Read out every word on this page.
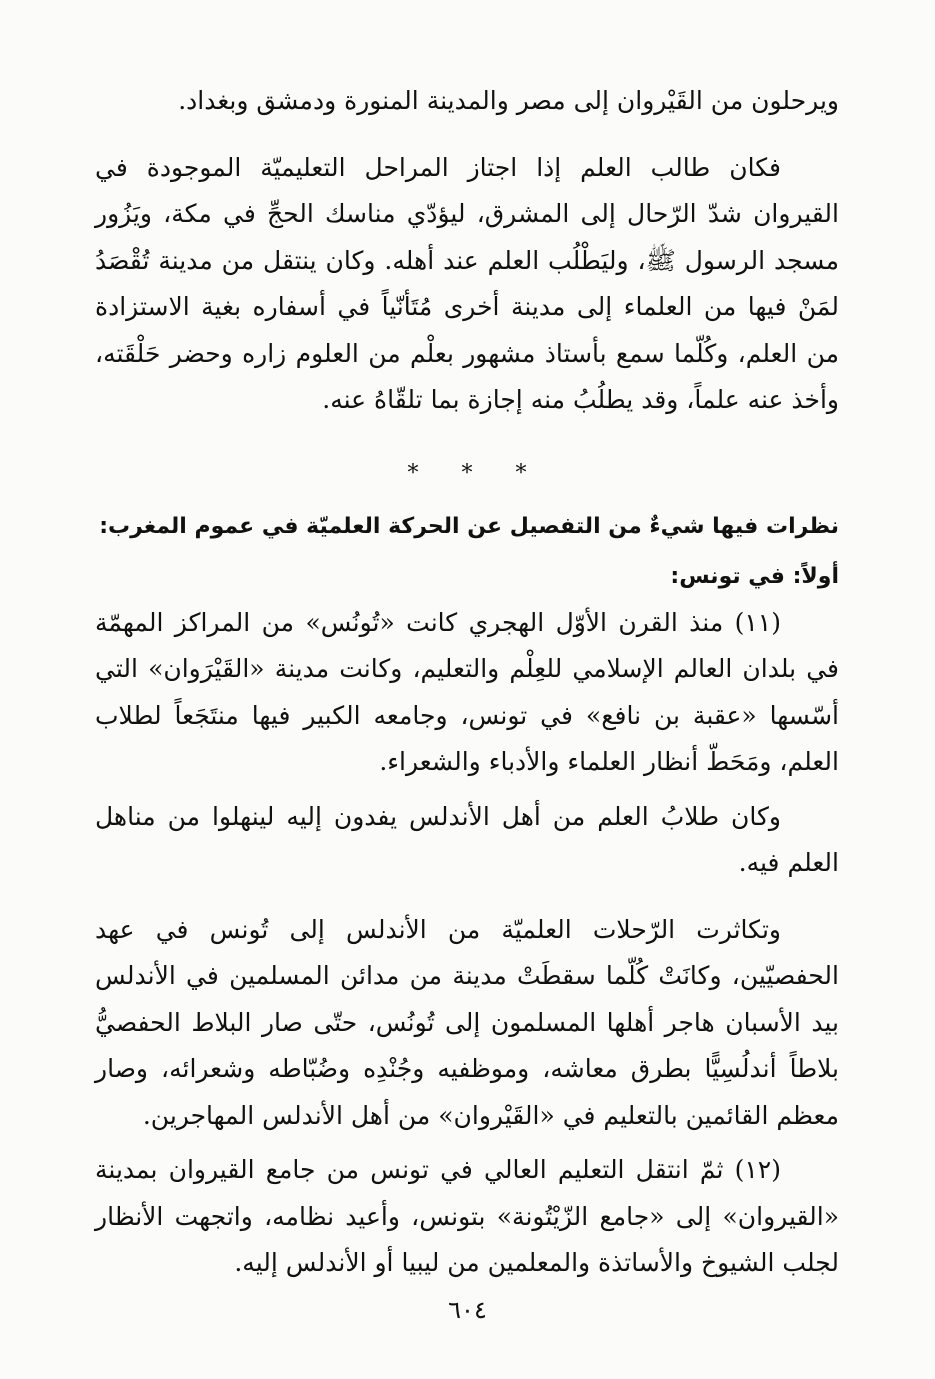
ويرحلون من القَيْروان إلى مصر والمدينة المنورة ودمشق وبغداد.

فكان طالب العلم إذا اجتاز المراحل التعليميّة الموجودة في القيروان شدّ الرّحال إلى المشرق، ليؤدّي مناسك الحجِّ في مكة، ويَزُور مسجد الرسول ﷺ، وليَطْلُب العلم عند أهله. وكان ينتقل من مدينة تُقْصَدُ لمَنْ فيها من العلماء إلى مدينة أخرى مُتَأنّياً في أسفاره بغية الاستزادة من العلم، وكُلّما سمع بأستاذ مشهور بعلْم من العلوم زاره وحضر حَلْقَته، وأخذ عنه علماً، وقد يطلُبُ منه إجازة بما تلقّاهُ عنه.

* * *

نظرات فيها شيءٌ من التفصيل عن الحركة العلميّة في عموم المغرب:

أولاً: في تونس:

(١١) منذ القرن الأوّل الهجري كانت «تُونُس» من المراكز المهمّة في بلدان العالم الإسلامي للعِلْم والتعليم، وكانت مدينة «القَيْرَوان» التي أسّسها «عقبة بن نافع» في تونس، وجامعه الكبير فيها منتَجَعاً لطلاب العلم، ومَحَطّ أنظار العلماء والأدباء والشعراء.

وكان طلابُ العلم من أهل الأندلس يفدون إليه لينهلوا من مناهل العلم فيه.

وتكاثرت الرّحلات العلميّة من الأندلس إلى تُونس في عهد الحفصيّين، وكانَتْ كُلّما سقطَتْ مدينة من مدائن المسلمين في الأندلس بيد الأسبان هاجر أهلها المسلمون إلى تُونُس، حتّى صار البلاط الحفصيُّ بلاطاً أندلُسِيًّا بطرق معاشه، وموظفيه وجُنْدِه وضُبّاطه وشعرائه، وصار معظم القائمين بالتعليم في «القَيْروان» من أهل الأندلس المهاجرين.

(١٢) ثمّ انتقل التعليم العالي في تونس من جامع القيروان بمدينة «القيروان» إلى «جامع الزّيْتُونة» بتونس، وأعيد نظامه، واتجهت الأنظار لجلب الشيوخ والأساتذة والمعلمين من ليبيا أو الأندلس إليه.

٦٠٤
